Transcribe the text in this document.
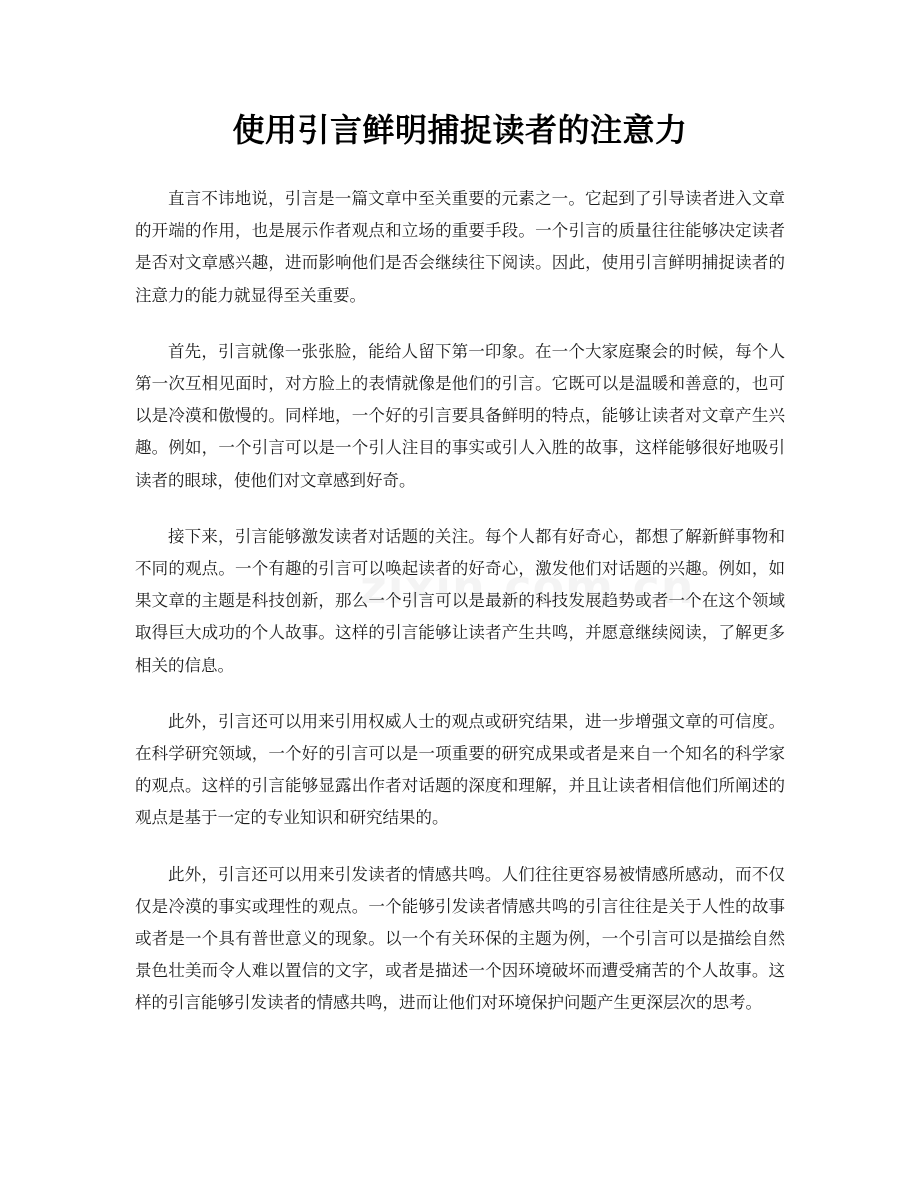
使用引言鲜明捕捉读者的注意力

直言不讳地说，引言是一篇文章中至关重要的元素之一。它起到了引导读者进入文章的开端的作用，也是展示作者观点和立场的重要手段。一个引言的质量往往能够决定读者是否对文章感兴趣，进而影响他们是否会继续往下阅读。因此，使用引言鲜明捕捉读者的注意力的能力就显得至关重要。

首先，引言就像一张张脸，能给人留下第一印象。在一个大家庭聚会的时候，每个人第一次互相见面时，对方脸上的表情就像是他们的引言。它既可以是温暖和善意的，也可以是冷漠和傲慢的。同样地，一个好的引言要具备鲜明的特点，能够让读者对文章产生兴趣。例如，一个引言可以是一个引人注目的事实或引人入胜的故事，这样能够很好地吸引读者的眼球，使他们对文章感到好奇。

接下来，引言能够激发读者对话题的关注。每个人都有好奇心，都想了解新鲜事物和不同的观点。一个有趣的引言可以唤起读者的好奇心，激发他们对话题的兴趣。例如，如果文章的主题是科技创新，那么一个引言可以是最新的科技发展趋势或者一个在这个领域取得巨大成功的个人故事。这样的引言能够让读者产生共鸣，并愿意继续阅读，了解更多相关的信息。

此外，引言还可以用来引用权威人士的观点或研究结果，进一步增强文章的可信度。在科学研究领域，一个好的引言可以是一项重要的研究成果或者是来自一个知名的科学家的观点。这样的引言能够显露出作者对话题的深度和理解，并且让读者相信他们所阐述的观点是基于一定的专业知识和研究结果的。

此外，引言还可以用来引发读者的情感共鸣。人们往往更容易被情感所感动，而不仅仅是冷漠的事实或理性的观点。一个能够引发读者情感共鸣的引言往往是关于人性的故事或者是一个具有普世意义的现象。以一个有关环保的主题为例，一个引言可以是描绘自然景色壮美而令人难以置信的文字，或者是描述一个因环境破坏而遭受痛苦的个人故事。这样的引言能够引发读者的情感共鸣，进而让他们对环境保护问题产生更深层次的思考。
